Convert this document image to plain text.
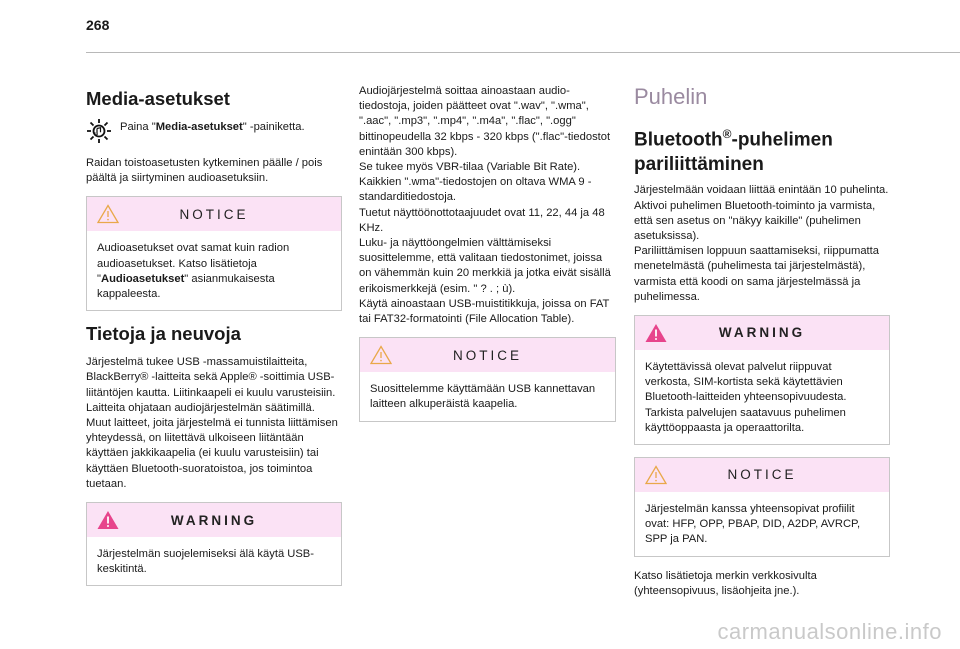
268
Media-asetukset
Paina "Media-asetukset" -painiketta.
Raidan toistoasetusten kytkeminen päälle / pois päältä ja siirtyminen audioasetuksiin.
NOTICE
Audioasetukset ovat samat kuin radion audioasetukset. Katso lisätietoja "Audioasetukset" asianmukaisesta kappaleesta.
Tietoja ja neuvoja
Järjestelmä tukee USB -massamuistilaitteita, BlackBerry® -laitteita sekä Apple® -soittimia USB-liitäntöjen kautta. Liitinkaapeli ei kuulu varusteisiin.
Laitteita ohjataan audiojärjestelmän säätimillä.
Muut laitteet, joita järjestelmä ei tunnista liittämisen yhteydessä, on liitettävä ulkoiseen liitäntään käyttäen jakkikaapelia (ei kuulu varusteisiin) tai käyttäen Bluetooth-suoratoistoa, jos toimintoa tuetaan.
WARNING
Järjestelmän suojelemiseksi älä käytä USB-keskitintä.
Audiojärjestelmä soittaa ainoastaan audio-tiedostoja, joiden päätteet ovat ".wav", ".wma", ".aac", ".mp3", ".mp4", ".m4a", ".flac", ".ogg" bittinopeudella 32 kbps - 320 kbps (".flac"-tiedostot enintään 300 kbps).
Se tukee myös VBR-tilaa (Variable Bit Rate).
Kaikkien ".wma"-tiedostojen on oltava WMA 9 -standarditiedostoja.
Tuetut näyttöönottotaajuudet ovat 11, 22, 44 ja 48 KHz.
Luku- ja näyttöongelmien välttämiseksi suosittelemme, että valitaan tiedostonimet, joissa on vähemmän kuin 20 merkkiä ja jotka eivät sisällä erikoismerkkejä (esim. " ? . ; ù).
Käytä ainoastaan USB-muistitikkuja, joissa on FAT tai FAT32-formatointi (File Allocation Table).
NOTICE
Suosittelemme käyttämään USB kannettavan laitteen alkuperäistä kaapelia.
Puhelin
Bluetooth®-puhelimen pariliittäminen
Järjestelmään voidaan liittää enintään 10 puhelinta.
Aktivoi puhelimen Bluetooth-toiminto ja varmista, että sen asetus on "näkyy kaikille" (puhelimen asetuksissa).
Pariliittämisen loppuun saattamiseksi, riippumatta menetelmästä (puhelimesta tai järjestelmästä), varmista että koodi on sama järjestelmässä ja puhelimessa.
WARNING
Käytettävissä olevat palvelut riippuvat verkosta, SIM-kortista sekä käytettävien Bluetooth-laitteiden yhteensopivuudesta. Tarkista palvelujen saatavuus puhelimen käyttöoppaasta ja operaattorilta.
NOTICE
Järjestelmän kanssa yhteensopivat profiilit ovat: HFP, OPP, PBAP, DID, A2DP, AVRCP, SPP ja PAN.
Katso lisätietoja merkin verkkosivulta (yhteensopivuus, lisäohjeita jne.).
carmanualsonline.info
